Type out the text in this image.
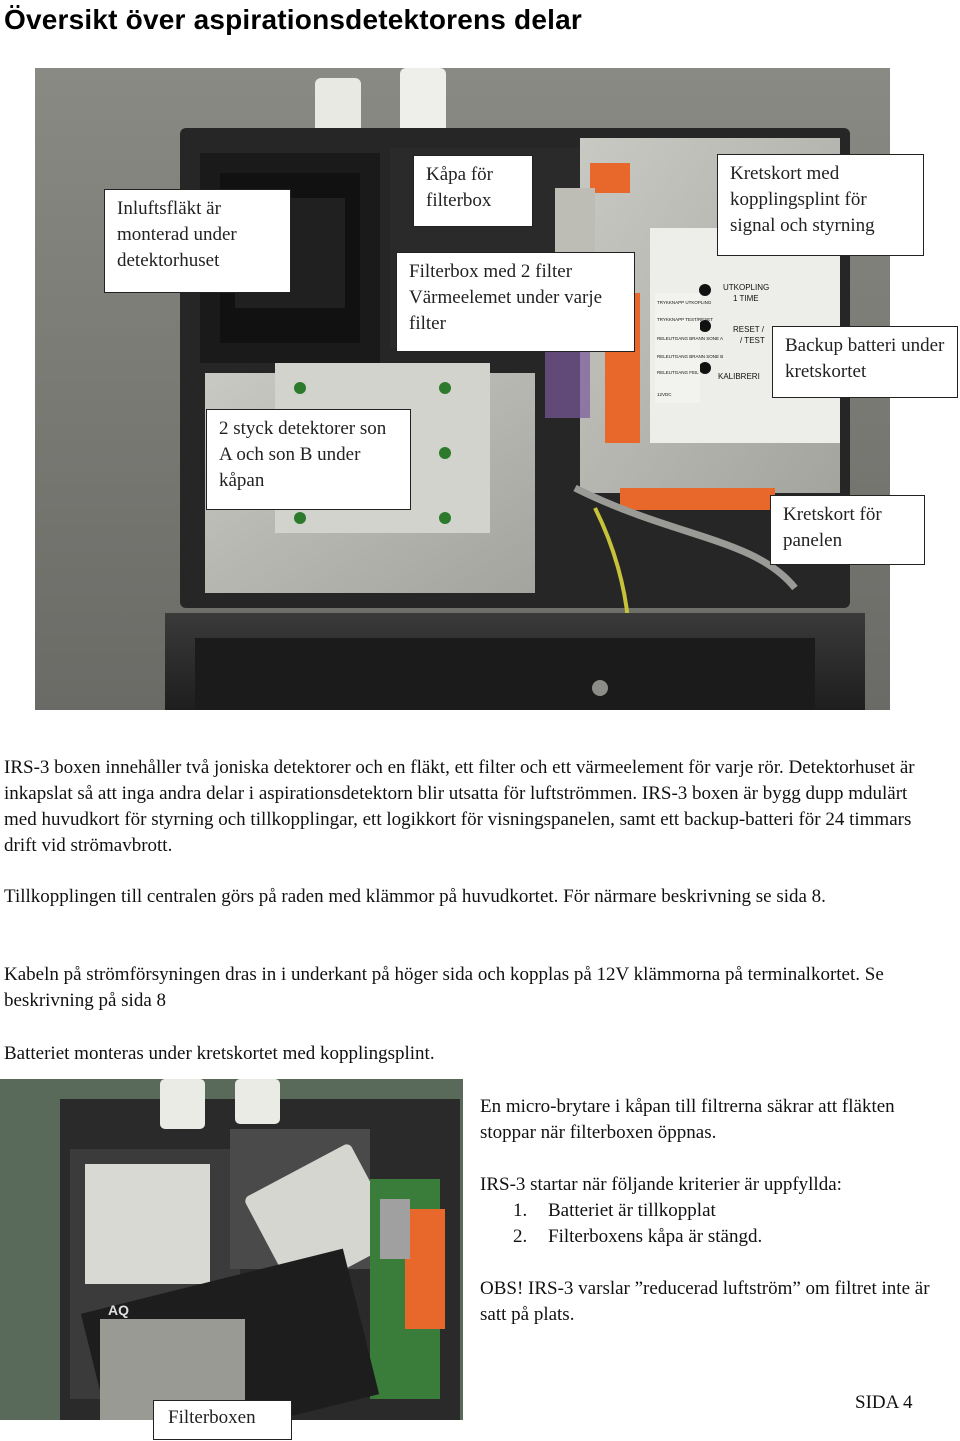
Översikt över aspirationsdetektorens delar
UTKOPLING
1 TIME
RESET /
/ TEST
KALIBRERI
TRYKKNAPP UTKOPLING
TRYKKNAPP TEST/RESET
RELEUTGANG BRANN SONE A
RELEUTGANG BRANN SONE B
RELEUTGANG FEIL
12VDC
Inluftsfläkt är monterad under detektorhuset
Kåpa för filterbox
Filterbox med 2 filter Värmeelemet under varje filter
Kretskort med kopplingsplint för signal och styrning
Backup batteri under kretskortet
2 styck detektorer son A och son B under kåpan
Kretskort för panelen

IRS-3 boxen innehåller två joniska detektorer och en fläkt, ett filter och ett värmeelement för varje rör. Detektorhuset är inkapslat så att inga andra delar i aspirationsdetektorn blir utsatta för luftströmmen. IRS-3 boxen är bygg dupp mdulärt med huvudkort för styrning och tillkopplingar, ett logikkort för visningspanelen, samt ett backup-batteri för 24 timmars drift vid strömavbrott.

Tillkopplingen till centralen görs på raden med klämmor på huvudkortet. För närmare beskrivning se sida 8.

Kabeln på strömförsyningen dras in i underkant på höger sida och kopplas på 12V klämmorna på terminalkortet. Se beskrivning på sida 8

Batteriet monteras under kretskortet med kopplingsplint.

AQ
Filterboxen

En micro-brytare i kåpan till filtrerna säkrar att fläkten stoppar när filterboxen öppnas.

IRS-3 startar när följande kriterier är uppfyllda:

1.	Batteriet är tillkopplat
2.	Filterboxens kåpa är stängd.

OBS! IRS-3 varslar ”reducerad luftström” om filtret inte är satt på plats.

SIDA 4
